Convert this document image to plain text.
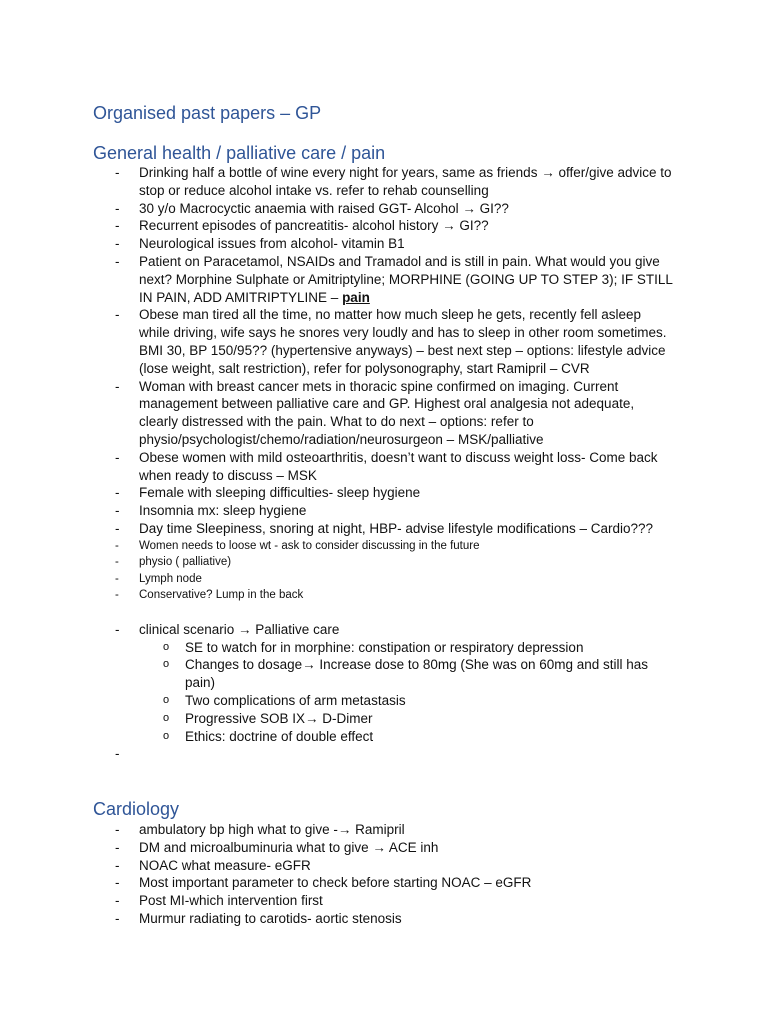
Organised past papers – GP
General health / palliative care / pain
- Drinking half a bottle of wine every night for years, same as friends → offer/give advice to stop or reduce alcohol intake vs. refer to rehab counselling
- 30 y/o Macrocyctic anaemia with raised GGT- Alcohol → GI??
- Recurrent episodes of pancreatitis- alcohol history → GI??
- Neurological issues from alcohol- vitamin B1
- Patient on Paracetamol, NSAIDs and Tramadol and is still in pain. What would you give next? Morphine Sulphate or Amitriptyline; MORPHINE (GOING UP TO STEP 3); IF STILL IN PAIN, ADD AMITRIPTYLINE – pain
- Obese man tired all the time, no matter how much sleep he gets, recently fell asleep while driving, wife says he snores very loudly and has to sleep in other room sometimes. BMI 30, BP 150/95?? (hypertensive anyways) – best next step – options: lifestyle advice (lose weight, salt restriction), refer for polysonography, start Ramipril – CVR
- Woman with breast cancer mets in thoracic spine confirmed on imaging. Current management between palliative care and GP. Highest oral analgesia not adequate, clearly distressed with the pain. What to do next – options: refer to physio/psychologist/chemo/radiation/neurosurgeon – MSK/palliative
- Obese women with mild osteoarthritis, doesn’t want to discuss weight loss- Come back when ready to discuss – MSK
- Female with sleeping difficulties- sleep hygiene
- Insomnia mx: sleep hygiene
- Day time Sleepiness, snoring at night, HBP- advise lifestyle modifications – Cardio???
- Women needs to loose wt - ask to consider discussing in the future
- physio ( palliative)
- Lymph node
- Conservative? Lump in the back
- clinical scenario → Palliative care
o SE to watch for in morphine: constipation or respiratory depression
o Changes to dosage→ Increase dose to 80mg (She was on 60mg and still has pain)
o Two complications of arm metastasis
o Progressive SOB IX→ D-Dimer
o Ethics: doctrine of double effect
-

Cardiology
- ambulatory bp high what to give -→ Ramipril
- DM and microalbuminuria what to give → ACE inh
- NOAC what measure- eGFR
- Most important parameter to check before starting NOAC – eGFR
- Post MI-which intervention first
- Murmur radiating to carotids- aortic stenosis
